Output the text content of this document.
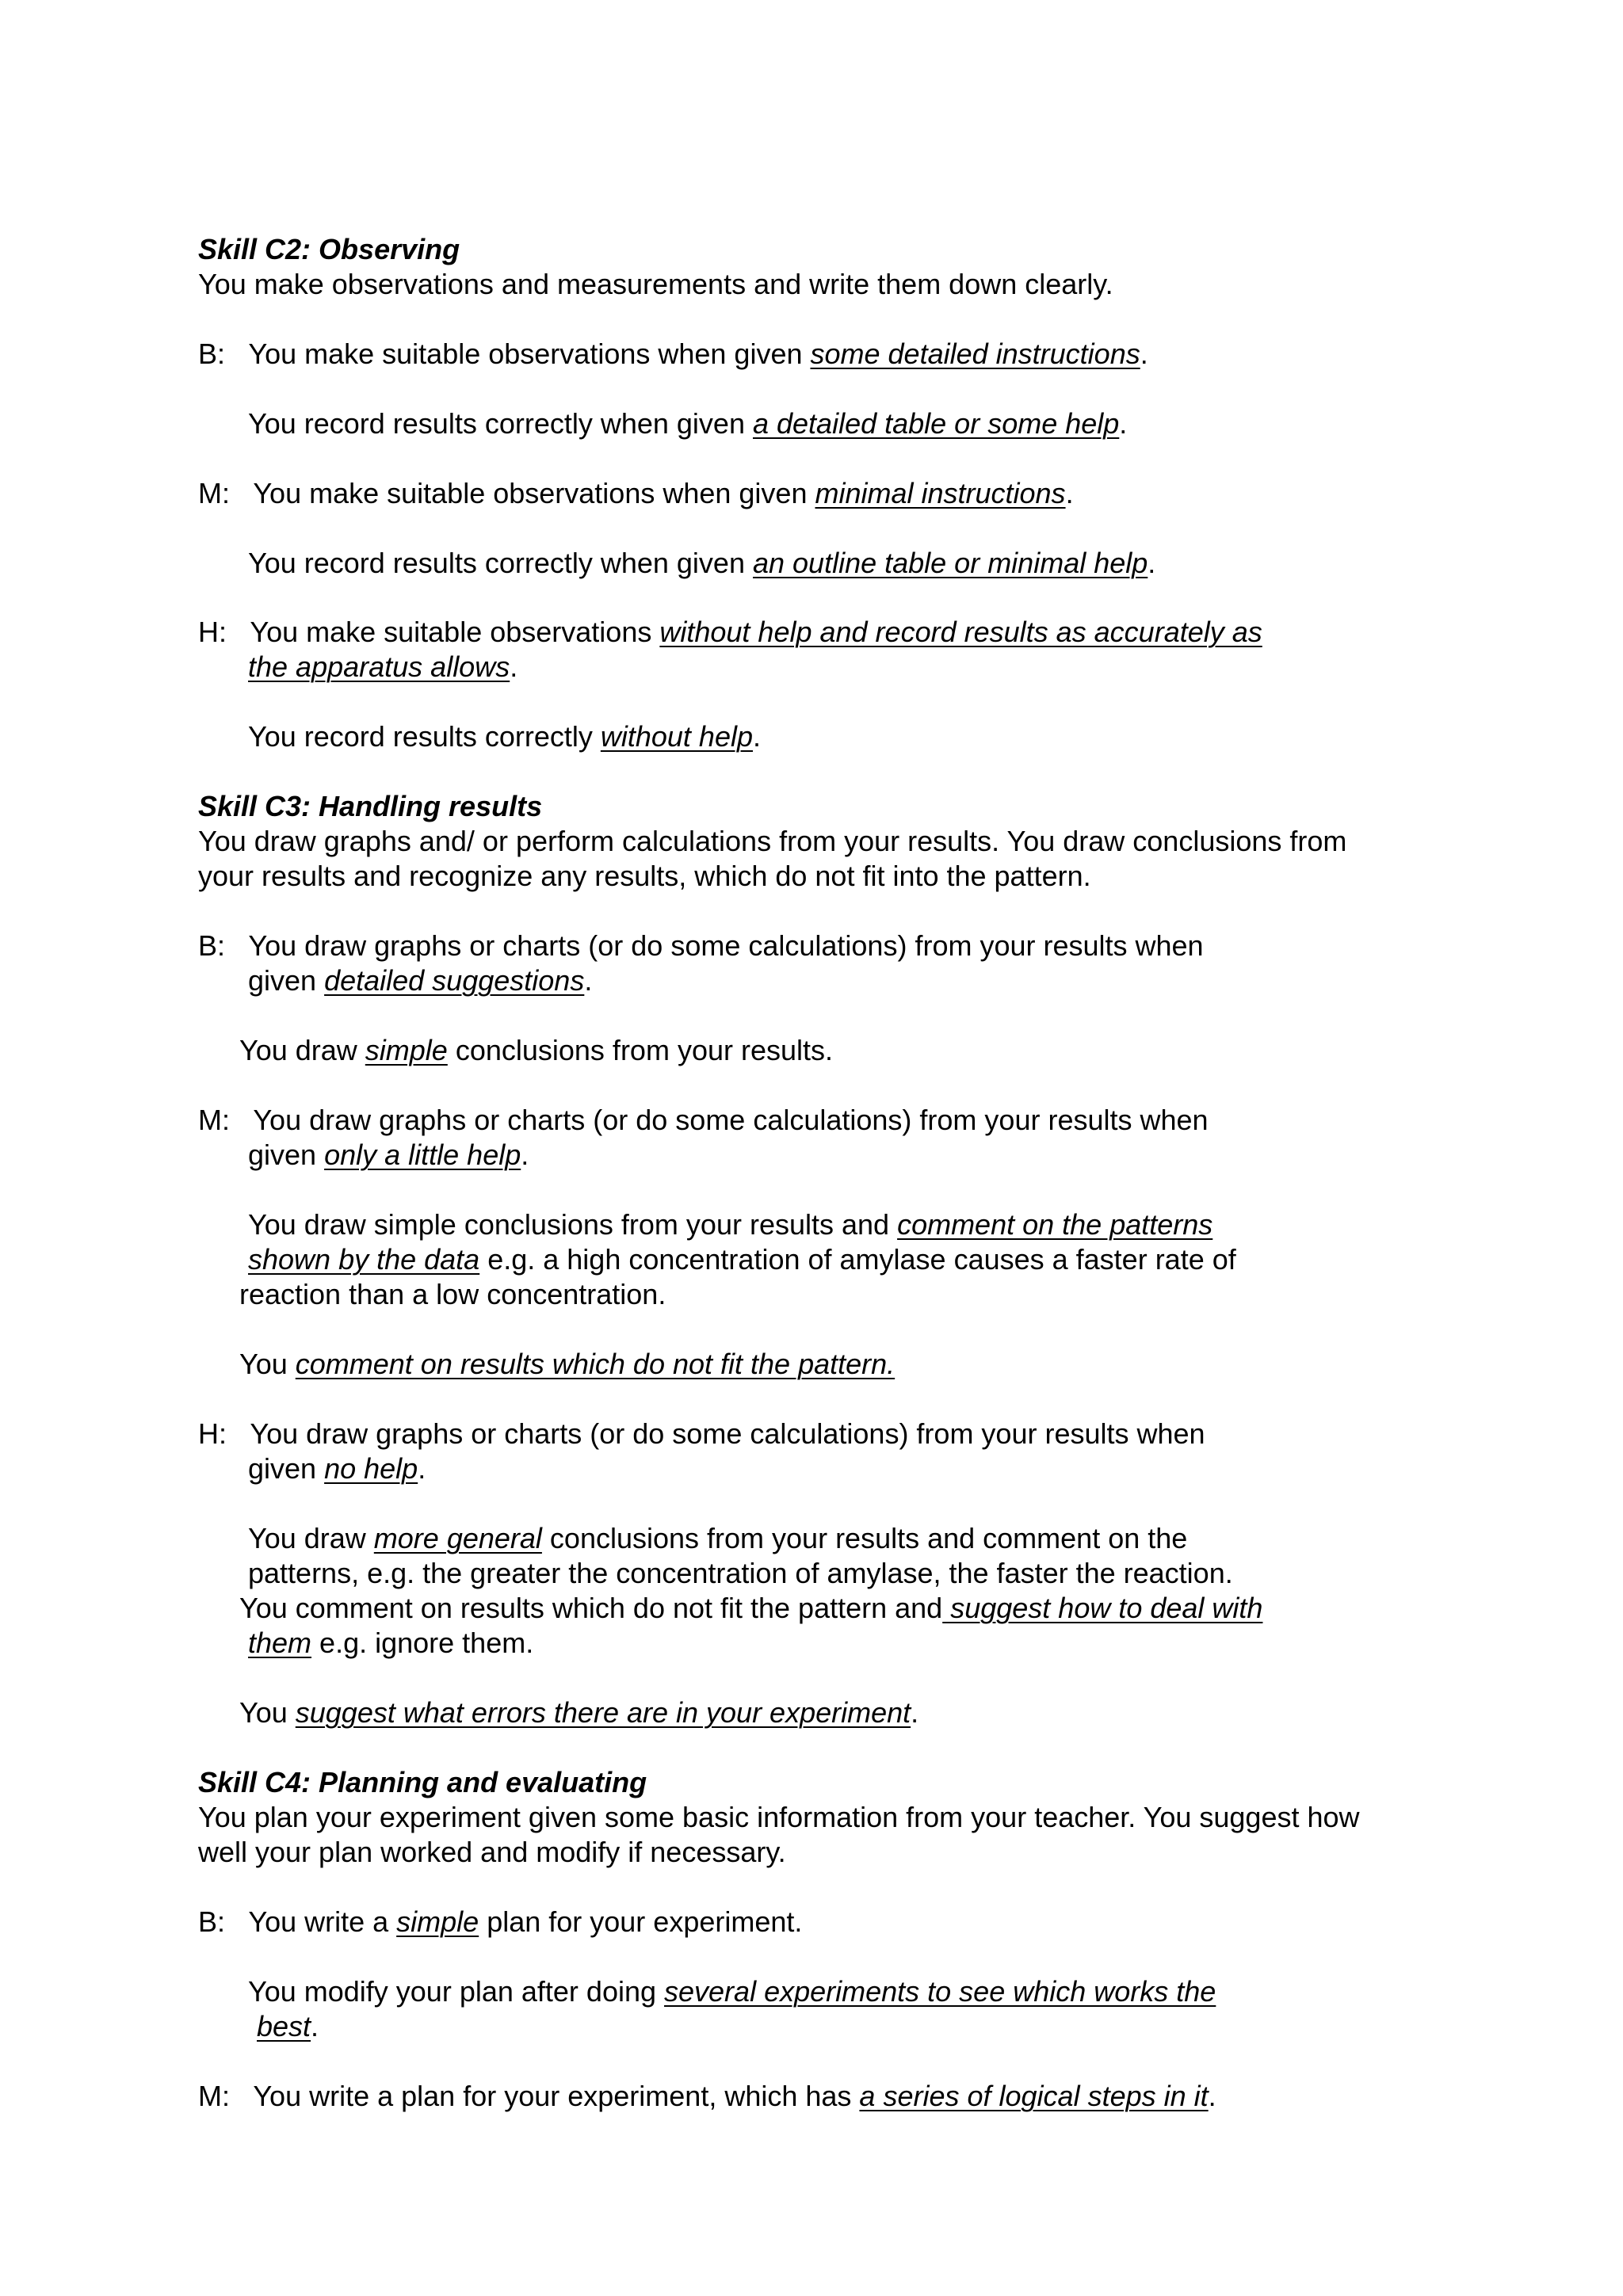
Skill C2: Observing
You make observations and measurements and write them down clearly.
B:   You make suitable observations when given some detailed instructions.
You record results correctly when given a detailed table or some help.
M:   You make suitable observations when given minimal instructions.
You record results correctly when given an outline table or minimal help.
H:   You make suitable observations without help and record results as accurately as
the apparatus allows.
You record results correctly without help.
Skill C3: Handling results
You draw graphs and/ or perform calculations from your results. You draw conclusions from
your results and recognize any results, which do not fit into the pattern.
B:   You draw graphs or charts (or do some calculations) from your results when
given detailed suggestions.
You draw simple conclusions from your results.
M:   You draw graphs or charts (or do some calculations) from your results when
given only a little help.
You draw simple conclusions from your results and comment on the patterns
shown by the data e.g. a high concentration of amylase causes a faster rate of
reaction than a low concentration.
You comment on results which do not fit the pattern.
H:   You draw graphs or charts (or do some calculations) from your results when
given no help.
You draw more general conclusions from your results and comment on the
patterns, e.g. the greater the concentration of amylase, the faster the reaction.
You comment on results which do not fit the pattern and suggest how to deal with
them e.g. ignore them.
You suggest what errors there are in your experiment.
Skill C4: Planning and evaluating
You plan your experiment given some basic information from your teacher. You suggest how
well your plan worked and modify if necessary.
B:   You write a simple plan for your experiment.
You modify your plan after doing several experiments to see which works the
best.
M:   You write a plan for your experiment, which has a series of logical steps in it.
